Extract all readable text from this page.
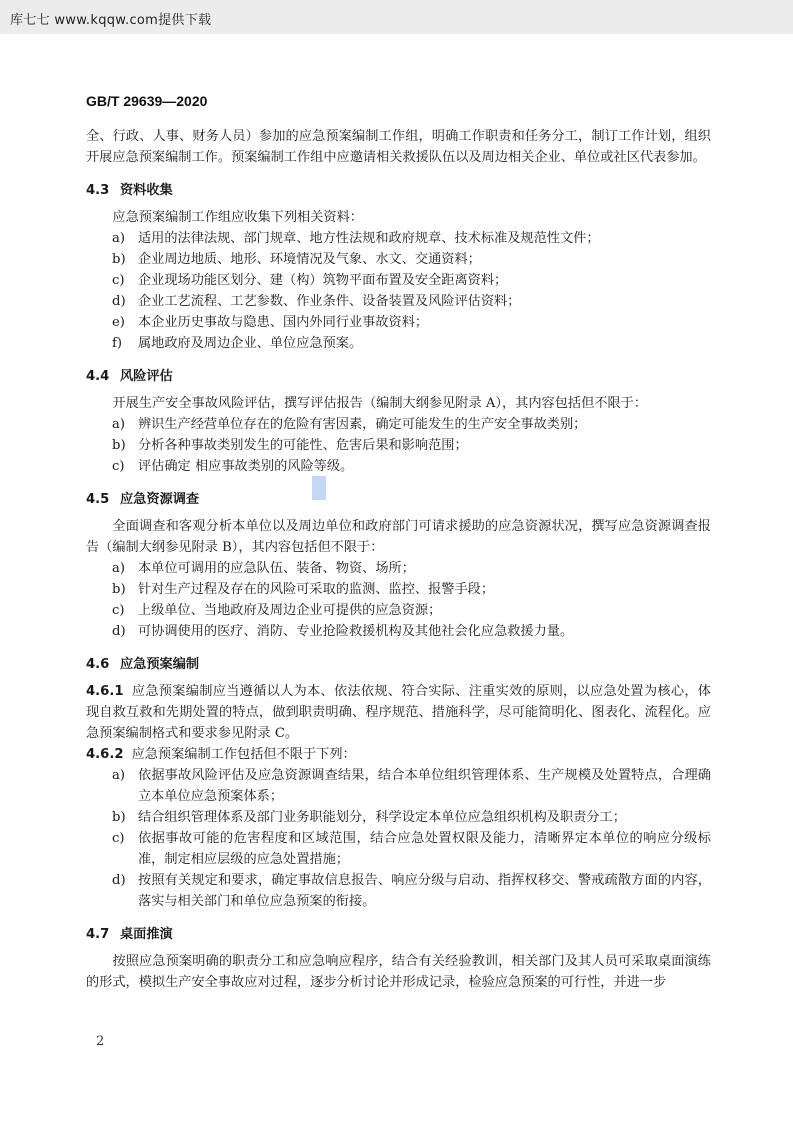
库七七 www.kqqw.com提供下载
GB/T 29639—2020

全、行政、人事、财务人员）参加的应急预案编制工作组，明确工作职责和任务分工，制订工作计划，组织开展应急预案编制工作。预案编制工作组中应邀请相关救援队伍以及周边相关企业、单位或社区代表参加。

4.3 资料收集

应急预案编制工作组应收集下列相关资料：

a) 适用的法律法规、部门规章、地方性法规和政府规章、技术标准及规范性文件；

b) 企业周边地质、地形、环境情况及气象、水文、交通资料；

c) 企业现场功能区划分、建（构）筑物平面布置及安全距离资料；

d) 企业工艺流程、工艺参数、作业条件、设备装置及风险评估资料；

e) 本企业历史事故与隐患、国内外同行业事故资料；

f) 属地政府及周边企业、单位应急预案。

4.4 风险评估

开展生产安全事故风险评估，撰写评估报告（编制大纲参见附录 A），其内容包括但不限于：

a) 辨识生产经营单位存在的危险有害因素，确定可能发生的生产安全事故类别；

b) 分析各种事故类别发生的可能性、危害后果和影响范围；

c) 评估确定 相应事故类别的风险等级。

4.5 应急资源调查

全面调查和客观分析本单位以及周边单位和政府部门可请求援助的应急资源状况，撰写应急资源调查报告（编制大纲参见附录 B），其内容包括但不限于：

a) 本单位可调用的应急队伍、装备、物资、场所；

b) 针对生产过程及存在的风险可采取的监测、监控、报警手段；

c) 上级单位、当地政府及周边企业可提供的应急资源；

d) 可协调使用的医疗、消防、专业抢险救援机构及其他社会化应急救援力量。

4.6 应急预案编制

4.6.1 应急预案编制应当遵循以人为本、依法依规、符合实际、注重实效的原则，以应急处置为核心，体现自救互救和先期处置的特点，做到职责明确、程序规范、措施科学，尽可能简明化、图表化、流程化。应急预案编制格式和要求参见附录 C。

4.6.2 应急预案编制工作包括但不限于下列：

a) 依据事故风险评估及应急资源调查结果，结合本单位组织管理体系、生产规模及处置特点，合理确立本单位应急预案体系；

b) 结合组织管理体系及部门业务职能划分，科学设定本单位应急组织机构及职责分工；

c) 依据事故可能的危害程度和区域范围，结合应急处置权限及能力，清晰界定本单位的响应分级标准，制定相应层级的应急处置措施；

d) 按照有关规定和要求，确定事故信息报告、响应分级与启动、指挥权移交、警戒疏散方面的内容，落实与相关部门和单位应急预案的衔接。

4.7 桌面推演

按照应急预案明确的职责分工和应急响应程序，结合有关经验教训，相关部门及其人员可采取桌面演练的形式，模拟生产安全事故应对过程，逐步分析讨论并形成记录，检验应急预案的可行性，并进一步

2
